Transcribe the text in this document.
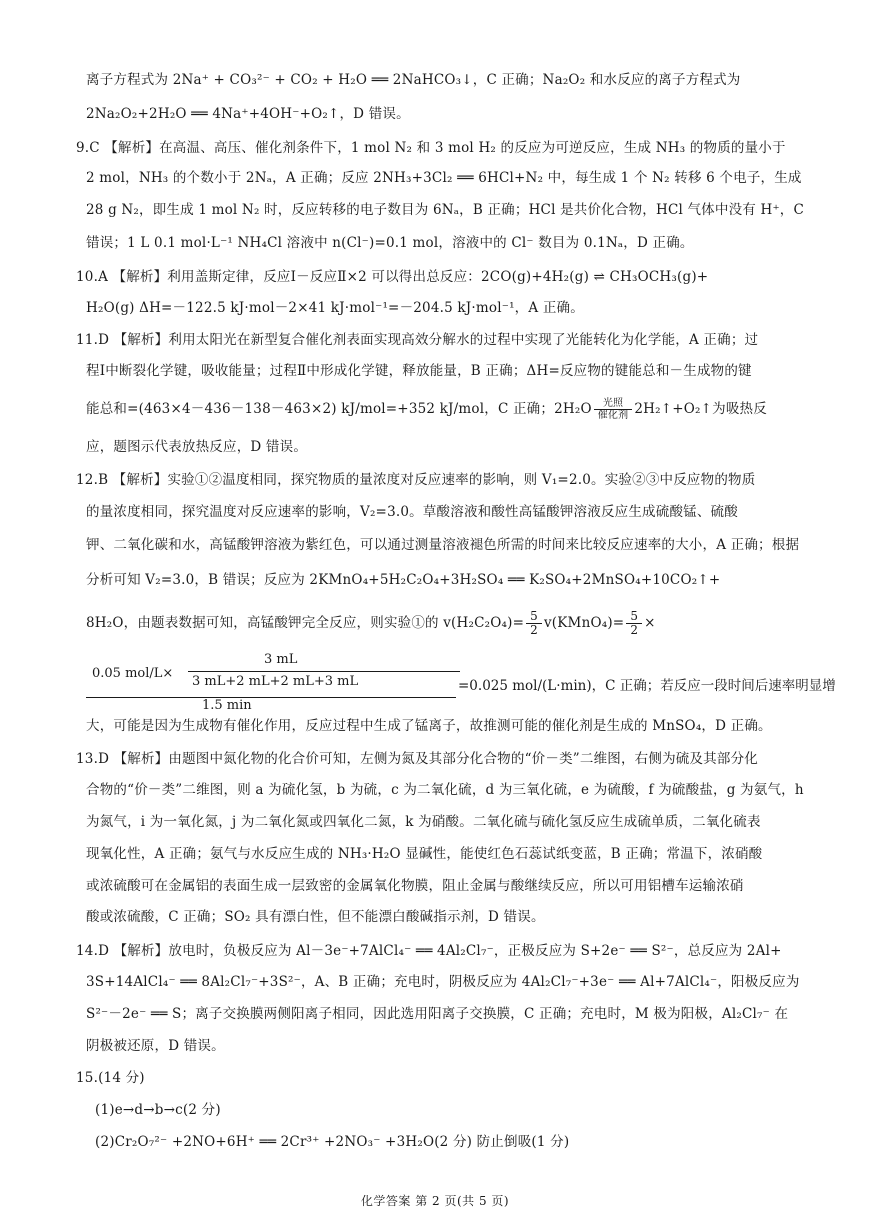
离子方程式为 2Na⁺ + CO₃²⁻ + CO₂ + H₂O ══ 2NaHCO₃↓，C 正确；Na₂O₂ 和水反应的离子方程式为
2Na₂O₂+2H₂O ══ 4Na⁺+4OH⁻+O₂↑，D 错误。
9.C 【解析】在高温、高压、催化剂条件下，1 mol N₂ 和 3 mol H₂ 的反应为可逆反应，生成 NH₃ 的物质的量小于
2 mol，NH₃ 的个数小于 2Nₐ，A 正确；反应 2NH₃+3Cl₂ ══ 6HCl+N₂ 中，每生成 1 个 N₂ 转移 6 个电子，生成
28 g N₂，即生成 1 mol N₂ 时，反应转移的电子数目为 6Nₐ，B 正确；HCl 是共价化合物，HCl 气体中没有 H⁺，C
错误；1 L 0.1 mol·L⁻¹ NH₄Cl 溶液中 n(Cl⁻)=0.1 mol，溶液中的 Cl⁻ 数目为 0.1Nₐ，D 正确。
10.A 【解析】利用盖斯定律，反应Ⅰ－反应Ⅱ×2 可以得出总反应：2CO(g)+4H₂(g) ⇌ CH₃OCH₃(g)+
H₂O(g) ΔH=－122.5 kJ·mol－2×41 kJ·mol⁻¹=－204.5 kJ·mol⁻¹，A 正确。
11.D 【解析】利用太阳光在新型复合催化剂表面实现高效分解水的过程中实现了光能转化为化学能，A 正确；过
程Ⅰ中断裂化学键，吸收能量；过程Ⅱ中形成化学键，释放能量，B 正确；ΔH=反应物的键能总和－生成物的键
能总和=(463×4－436－138－463×2) kJ/mol=+352 kJ/mol，C 正确；2H₂O	光照
催化剂 2H₂↑+O₂↑为吸热反
应，题图示代表放热反应，D 错误。
12.B 【解析】实验①②温度相同，探究物质的量浓度对反应速率的影响，则 V₁=2.0。实验②③中反应物的物质
的量浓度相同，探究温度对反应速率的影响，V₂=3.0。草酸溶液和酸性高锰酸钾溶液反应生成硫酸锰、硫酸
钾、二氧化碳和水，高锰酸钾溶液为紫红色，可以通过测量溶液褪色所需的时间来比较反应速率的大小，A 正确；根据
分析可知 V₂=3.0，B 错误；反应为 2KMnO₄+5H₂C₂O₄+3H₂SO₄ ══ K₂SO₄+2MnSO₄+10CO₂↑+
8H₂O，由题表数据可知，高锰酸钾完全反应，则实验①的 $v(H_2C_2O_4)= \frac{5}{2}$ v(KMnO₄)= $\frac{5}{2}$ ×
0.05 mol/L×
3 mL
3 mL+2 mL+2 mL+3 mL
1.5 min
=0.025 mol/(L·min)，C 正确；若反应一段时间后速率明显增
大，可能是因为生成物有催化作用，反应过程中生成了锰离子，故推测可能的催化剂是生成的 MnSO₄，D 正确。
13.D 【解析】由题图中氮化物的化合价可知，左侧为氮及其部分化合物的“价－类”二维图，右侧为硫及其部分化
合物的“价－类”二维图，则 a 为硫化氢，b 为硫，c 为二氧化硫，d 为三氧化硫，e 为硫酸，f 为硫酸盐，g 为氨气，h
为氮气，i 为一氧化氮，j 为二氧化氮或四氧化二氮，k 为硝酸。二氧化硫与硫化氢反应生成硫单质，二氧化硫表
现氧化性，A 正确；氨气与水反应生成的 NH₃·H₂O 显碱性，能使红色石蕊试纸变蓝，B 正确；常温下，浓硝酸
或浓硫酸可在金属铝的表面生成一层致密的金属氧化物膜，阻止金属与酸继续反应，所以可用铝槽车运输浓硝
酸或浓硫酸，C 正确；SO₂ 具有漂白性，但不能漂白酸碱指示剂，D 错误。
14.D 【解析】放电时，负极反应为 Al－3e⁻+7AlCl₄⁻ ══ 4Al₂Cl₇⁻，正极反应为 S+2e⁻ ══ S²⁻，总反应为 2Al+
3S+14AlCl₄⁻ ══ 8Al₂Cl₇⁻+3S²⁻，A、B 正确；充电时，阴极反应为 4Al₂Cl₇⁻+3e⁻ ══ Al+7AlCl₄⁻，阳极反应为
S²⁻－2e⁻ ══ S；离子交换膜两侧阳离子相同，因此选用阳离子交换膜，C 正确；充电时，M 极为阳极，Al₂Cl₇⁻ 在
阴极被还原，D 错误。
15.(14 分)
(1)e→d→b→c(2 分)
(2)Cr₂O₇²⁻ +2NO+6H⁺ ══ 2Cr³⁺ +2NO₃⁻ +3H₂O(2 分) 防止倒吸(1 分)
化学答案 第 2 页(共 5 页)
